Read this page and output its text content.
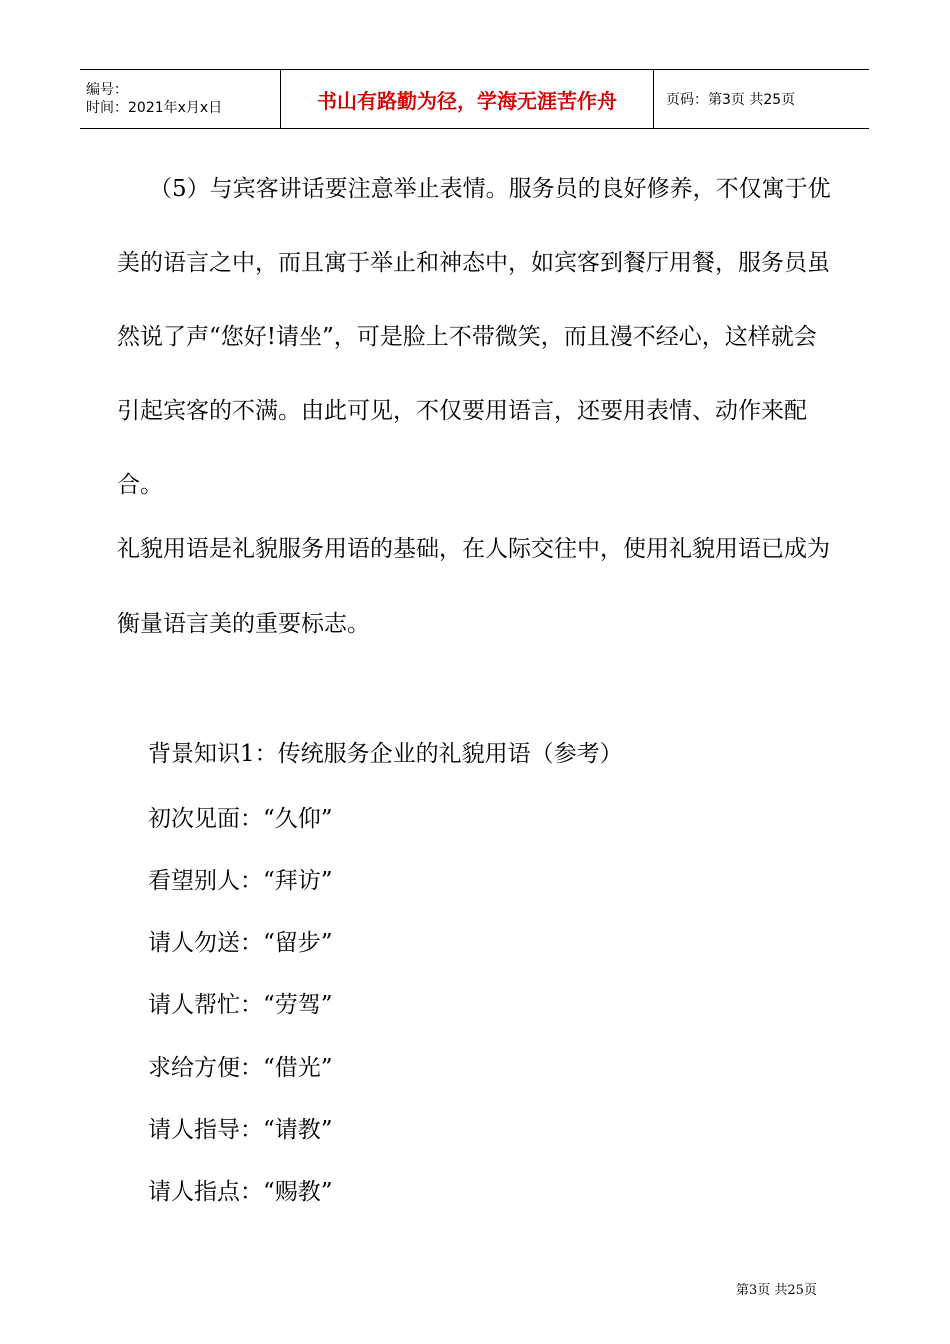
编号：
时间：2021年x月x日	书山有路勤为径，学海无涯苦作舟	页码：第3页 共25页

（5）与宾客讲话要注意举止表情。服务员的良好修养，不仅寓于优美的语言之中，而且寓于举止和神态中，如宾客到餐厅用餐，服务员虽然说了声“您好!请坐”，可是脸上不带微笑，而且漫不经心，这样就会引起宾客的不满。由此可见，不仅要用语言，还要用表情、动作来配合。

礼貌用语是礼貌服务用语的基础，在人际交往中，使用礼貌用语已成为衡量语言美的重要标志。

背景知识1：传统服务企业的礼貌用语（参考）

初次见面：“久仰”

看望别人：“拜访”

请人勿送：“留步”

请人帮忙：“劳驾”

求给方便：“借光”

请人指导：“请教”

请人指点：“赐教”

第3页 共25页
